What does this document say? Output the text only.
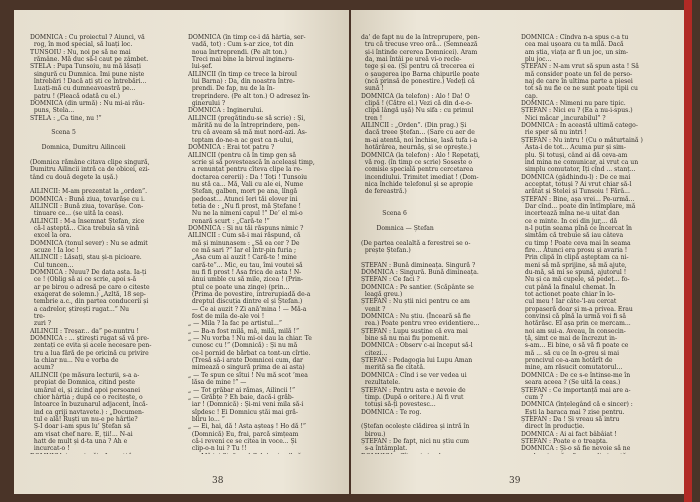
DOMNICA : Cu proiectul ? Aiunci, vă
rog, în mod special, să luați loc.
TUNSOIU : Nu, noi pe să ne mai
rămâne. Mă duc să-l caut pe zâmbet.
STELA : Pupa Tunsoiu, nu mă lăsați
singură cu Dumnica. Imi pune niște
întrebări ! Dacă ați ști ce întrebări...
Luați-mă cu dumneavoastră pe...
patru ! (Pleacă odată cu el.)
DOMNICA (din urmă) : Nu mi-ai rău-
puns, Stela...
STELA : „Ca tine, nu !”

Scena 5

Domnica, Dumitru Ailinceii

(Domnica rămâne citava clipe singură,
Dumitru Ailincii intră ca de obicei, ezi-
tând cu două degete la ușă.)

AILINCII: M-am prezentat la „orden”.
DOMNICA : Bună ziua, tovarășe cu i.
AILINCII : Bună ziua, tovarășe. Con-
tinuare ce... (se uită la ceas).
AILINCII : M-a însemnat Ștefan, zice
că-l așteptă... Cica trebuia să vină
excel la ora.
DOMNICA (tonul sever) : Nu se admit
scuze ! Ia loc !
AILINCII : Lăsați, stau și-n picioare.
Cul tuncen...
DOMNICA : Nuuu? De data asta. Ia-ți
ce ! (Oblig să ai ce scrie, apoi s-ă
ar pe birou o adresă pe care o citeste
exagerat de solemn.) „Azltă, 18 sep-
tembrie a.c., din partea conducerii și
a cadrelor, știrești rugat...” Nu
tre-
zuri ?
AILINCII : Treșar... da” pe-nuntru !
DOMNICA : ... știrești rugat să vă pre-
zentați ce evita și acele necesare pen-
tru a lua fără de pe oricină cu privire
la chiar nu... Nu e vorba de
acum?
AILINCII (pe măsura lecturii, s-a a-
propiat de Domnica, citind peste
umărul ei, și zicind apoi persoanei
chior hârtia ; după ce o recitește, o
întoarce în buzunarul adjacent, încă-
ind ca griji navtavete.) : „Documen-
tul e ală! Ruști un nu-e pe hârtie?
Ș-I doar i-am spus lu’ Ștefan să
am visat chef nare. E, ții!... N-ai
hatt de mult și d-ta una ? Ah e
incurcat-o !
DOMNICA (în timp ce-i dă hârtia, ser-
vadă, tot) : Cum s-ar zice, tot din
noua înrtreprendi. (Pe alt ton.)
Treci mai bine la biroul ingineru-
lui-șef.
AILINCII (în timp ce trece la biroul
lui Barna) : Da, din noastra între-
prendi. De fap, nu de la în-
treprindere. (Pe alt ton.) O adresez în-
ginerului ?
DOMNICA : Inginerului.
AILINCII (pregătindu-se să scrie) : Și,
mărită nu de la întreprindere, pen-
tru că aveam să mă mut nord-azi. As-
teptam do-ne-n ac gest ca n-ului,
DOMNICA : Erai tot patru ?
AILINCII (pentru că în timp gen să
scrie și să povestească în aceleași timp,
a renunțat pentru cîteva clipe la re-
doctarea cererii) : Da ! Toți ! Tunsoiu
nu stă ca... Mă, Vali cu ale ei, Nume
Ștefan, galben, mort pe ana, lîngă
pedoast... Atunci Ieri tăi elover ini
tetia de : „Nu fi prost, mă Ștefane !
Nu ne la nimeni capul !” De’ el mi-o
renară scurt : „Cară-te !”
DOMNICA : Și nu tăi răspuns nimic ?
AILINCII : Cum să-i mai răspund, că
mă și minunasem : „Să ea cer ? De
ce mă sari ?” Iar el într-pin furia ;
„Asa cum ai auzit ! Cară-te ! mine
cară-te”... Mic, eu tau, îmi voutei să
nu fi fi prost ! Asa frica de asta ! N-
ânui umble cu să mile, zicea ! (Prin-
ptul ce poate una zinge) (prin...
(Prima de povestire, intrerupiadă de-a
dreptul discuția dintre el și Ștefan.)
— Ce ai auzit ? Zi ană’mina ! — Mă-a
fost de mila de-ale voi !
„ — Mila ? Ia fac pe artistul...”
„ — Ba-n fost milă, mă, milă, milă !”
„ — Nu vorba ! Nu mi-oi dau la chiar. Te
cunosc cu !” (Domnică) : Și nu mă
ce-l pornid de bărbat ca tont-un cîrtie.
(Tresă să-i arate Domnicei cum, dar
mimează o singură prima de ai asta)
„ — Te spun ce sîtui ! Nu mă scot ’mea
lăsa de mine !” —
„ — Tot grăbar ai rămas, Ailincii !”
„ — Grăbțe ? Eh baie, dacă-i grăb-
iar ! (Domnică) : Și-mi veni mila să-i
sîpdesc ! Ei Domnicu ștăi mai gră-
bliru lo... ”
„ — Ei, hai, dă ! Asta așteaș ! Ho dă !”
(Domnică) Eu, frai, parcă simțeam
că-i reveni ce se citea in voce... Și
clip-o-n lui ? Tu !!
38
da’ de fapt nu de la întreprupere, pen-
tru că trecuse vreo oră... (Semnează
și-i întinde cererea Domnicei). Aram
da, mai întâi pe ureă vi-o recle-
tege și ea. (Și pentru că trecerea ei
o șaugerea ipo Barna chipurile poate
(ncă prinsă de ponestire.) Vedeți că
sună !
DOMNICA (la telefon) : Alo ! Da! O
clipă ! (Către el.) Vezi că din d-e-o-
clipă lângă ușă) Nu sifa : cu primul
tren !
AILINCII : „Orden”. (Din prag.) Și
dacă treee Ștefan... (Sare cu aer de
m-ai atentă, noi închise, lasă tufa i-a
hotărârea, neurnăș, și se oprește.)
DOMNICA (la telefon) : Alo ! Repetați,
vă rog. (în timp ce scrie) Soseste o
comisie specială pentru cercetarea
incendiului. Trimitet imediat ! (Dom-
nica închide telefonul și se apropie
de fereastră.)

Scena 6

Domnica — Ștefan

(De partea cealaltă a ferestrei se o-
prește Ștefan.)

ȘTEFAN : Bună dimineața. Singură ?
DOMNICA : Singură. Bună dimineața.
ȘTEFAN : Ce faci ?
DOMNICA : Pe santier. (Scăpânte se
leagă greu.)
ȘTEFAN : Nu știi nici pentru ce am
venit ?
DOMNICA : Nu știu. (Înceară să fie
rea.) Poate pentru vreo evidentiere...
ȘTEFAN : Lupu susține că eva mai
bine să nu mai fiu pomenit.
DOMNICA : Observ c-ai început să-l
citezi...
ȘTEFAN : Pedagogia lui Lupu Aman
merită sa fie citată.
DOMNICA : Cînd i se ver vedea ui
rezultatele.
ȘTEFAN : Pentru asta e nevoie de
timp. (După o oritere.) Ai fi vrut
totuși să-ți povestesc...
DOMNICA : Te rog.

(Ștefan ocolește clădirea și intră în
birou.)
ȘTEFAN : De fapt, nici nu știu cum
s-a întâmplat.
DOMNICA : Cîndva n-a spus c-a tu
cea mai ușoara cu ta milă. Dacă
am știa, viața ar fi un joc, un sim-
plu joc...
ȘTEFAN : N-am vrut să spun asta ! Să
mă consider poate un fel de perso-
naj de care în ultima parte a piesei
tot să nu fie ce ne sunt poate tipii cu
cap.
DOMNICA : Nimeni nu pare tipic.
ȘTEFAN : Nici eu ? (Ea a nu-i-spus.)
Nici măcar „incurabilul” ?
DOMNICA : In această ultimă catego-
rie sper să nu intri !
ȘTEFAN : Nu intru ! (Cu o măturtaină )
Asta-i de tot... Acuma pur și sim-
plu. Și totuși, când ai dă ceva-am
ind mina ne comunicar, ai vrut ca un
simplu comutator, Iți cînd ... stanț...
DOMNICA (gâdhindu-l) : De ce mai
acceptat, totuși ? Ai vrut chiar să-l
arătat și Stelei și Tunsoiu ! Fără...
ȘTEFAN : Bine, așa vrei... Pe-urmă...
Dar cînd... poate din întîmplare, mă
incertează mîna ne-u uitat dan
ce e minte. In cei din jur,... dă
n-l puțin seama pînă ce încercat în
simtăm că trebuie să iau câteva
cu timp ! Poate ceva mai în seama
fire... Atunci era prosu și avaria !
Prin clipă în clipă așteptam ca ni-
meni să mă sprijine, să mă ajute,
du-mă, să mi se spună, ajutorul !
Nu și ca mă cupele, să pedeț... fo-
cut până la finalul chemat. În
tot actionet poate chiar în lo-
cul meu ! Iar câte-'l-au cercat
propaseră doar și m-a privea. Erau
convinsi că pînă la urmă voi fi să
hotărăsc. El așa prin ce mercam...
noi am sui-a. Aveau, în consecin-
ță, simt ce mai de încrezut in-
s-am... Ei bine, o să vă fi poate ce
mă ... să cu ce în o-greu si mai
proncivul ce-a-am hotărît de
mine, am răsucit comutatorul...
DOMNICA : De ce s-e întinse-me în
seara aceea ? (Se uită la ceas.)
ȘTEFAN : Ce importanță mai are a-
cum ?
DOMNICA (înțelegând că e sincer) :
Ești la baraca mai ? zise pentru.
ȘTEFAN : Da ! Și vreau să intru
direct în producție.
DOMNICA : Ai ai fact bâbâiat !
ȘTEFAN : Poate e o treapta.
DOMNICA : Și-o să fie nevoie să ne
39
